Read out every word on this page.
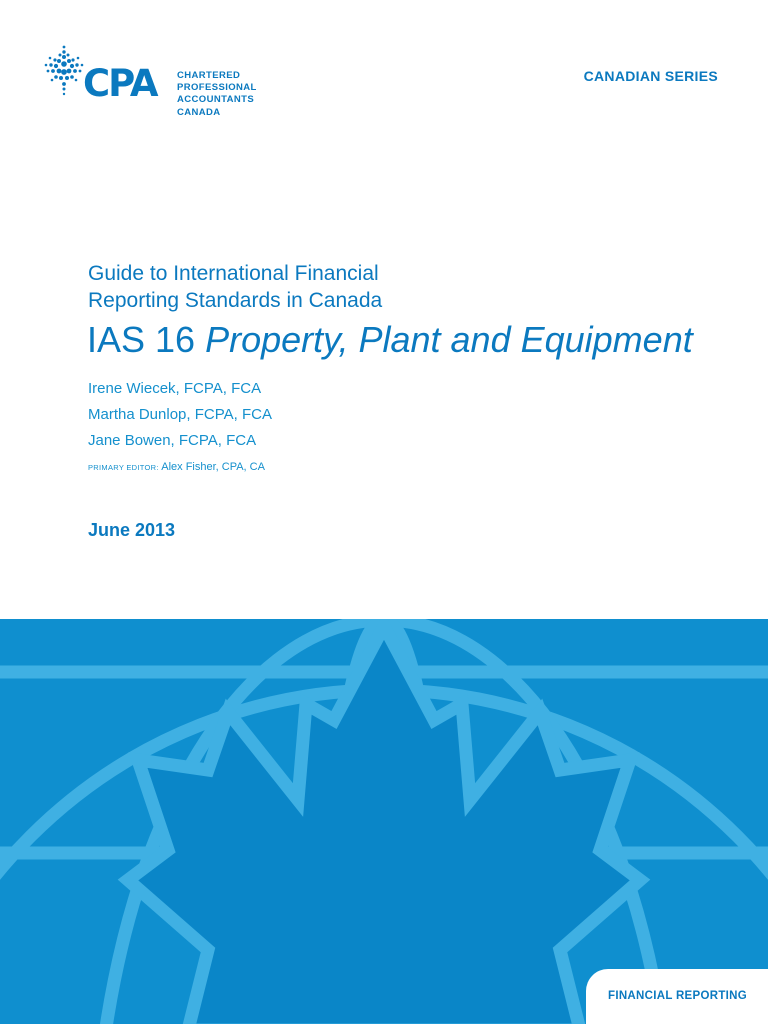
CPA CHARTERED
PROFESSIONAL
ACCOUNTANTS
CANADA
CANADIAN SERIES
Guide to International Financial
Reporting Standards in Canada
IAS 16 Property, Plant and Equipment
Irene Wiecek, FCPA, FCA
Martha Dunlop, FCPA, FCA
Jane Bowen, FCPA, FCA
PRIMARY EDITOR: Alex Fisher, CPA, CA
June 2013
FINANCIAL REPORTING
